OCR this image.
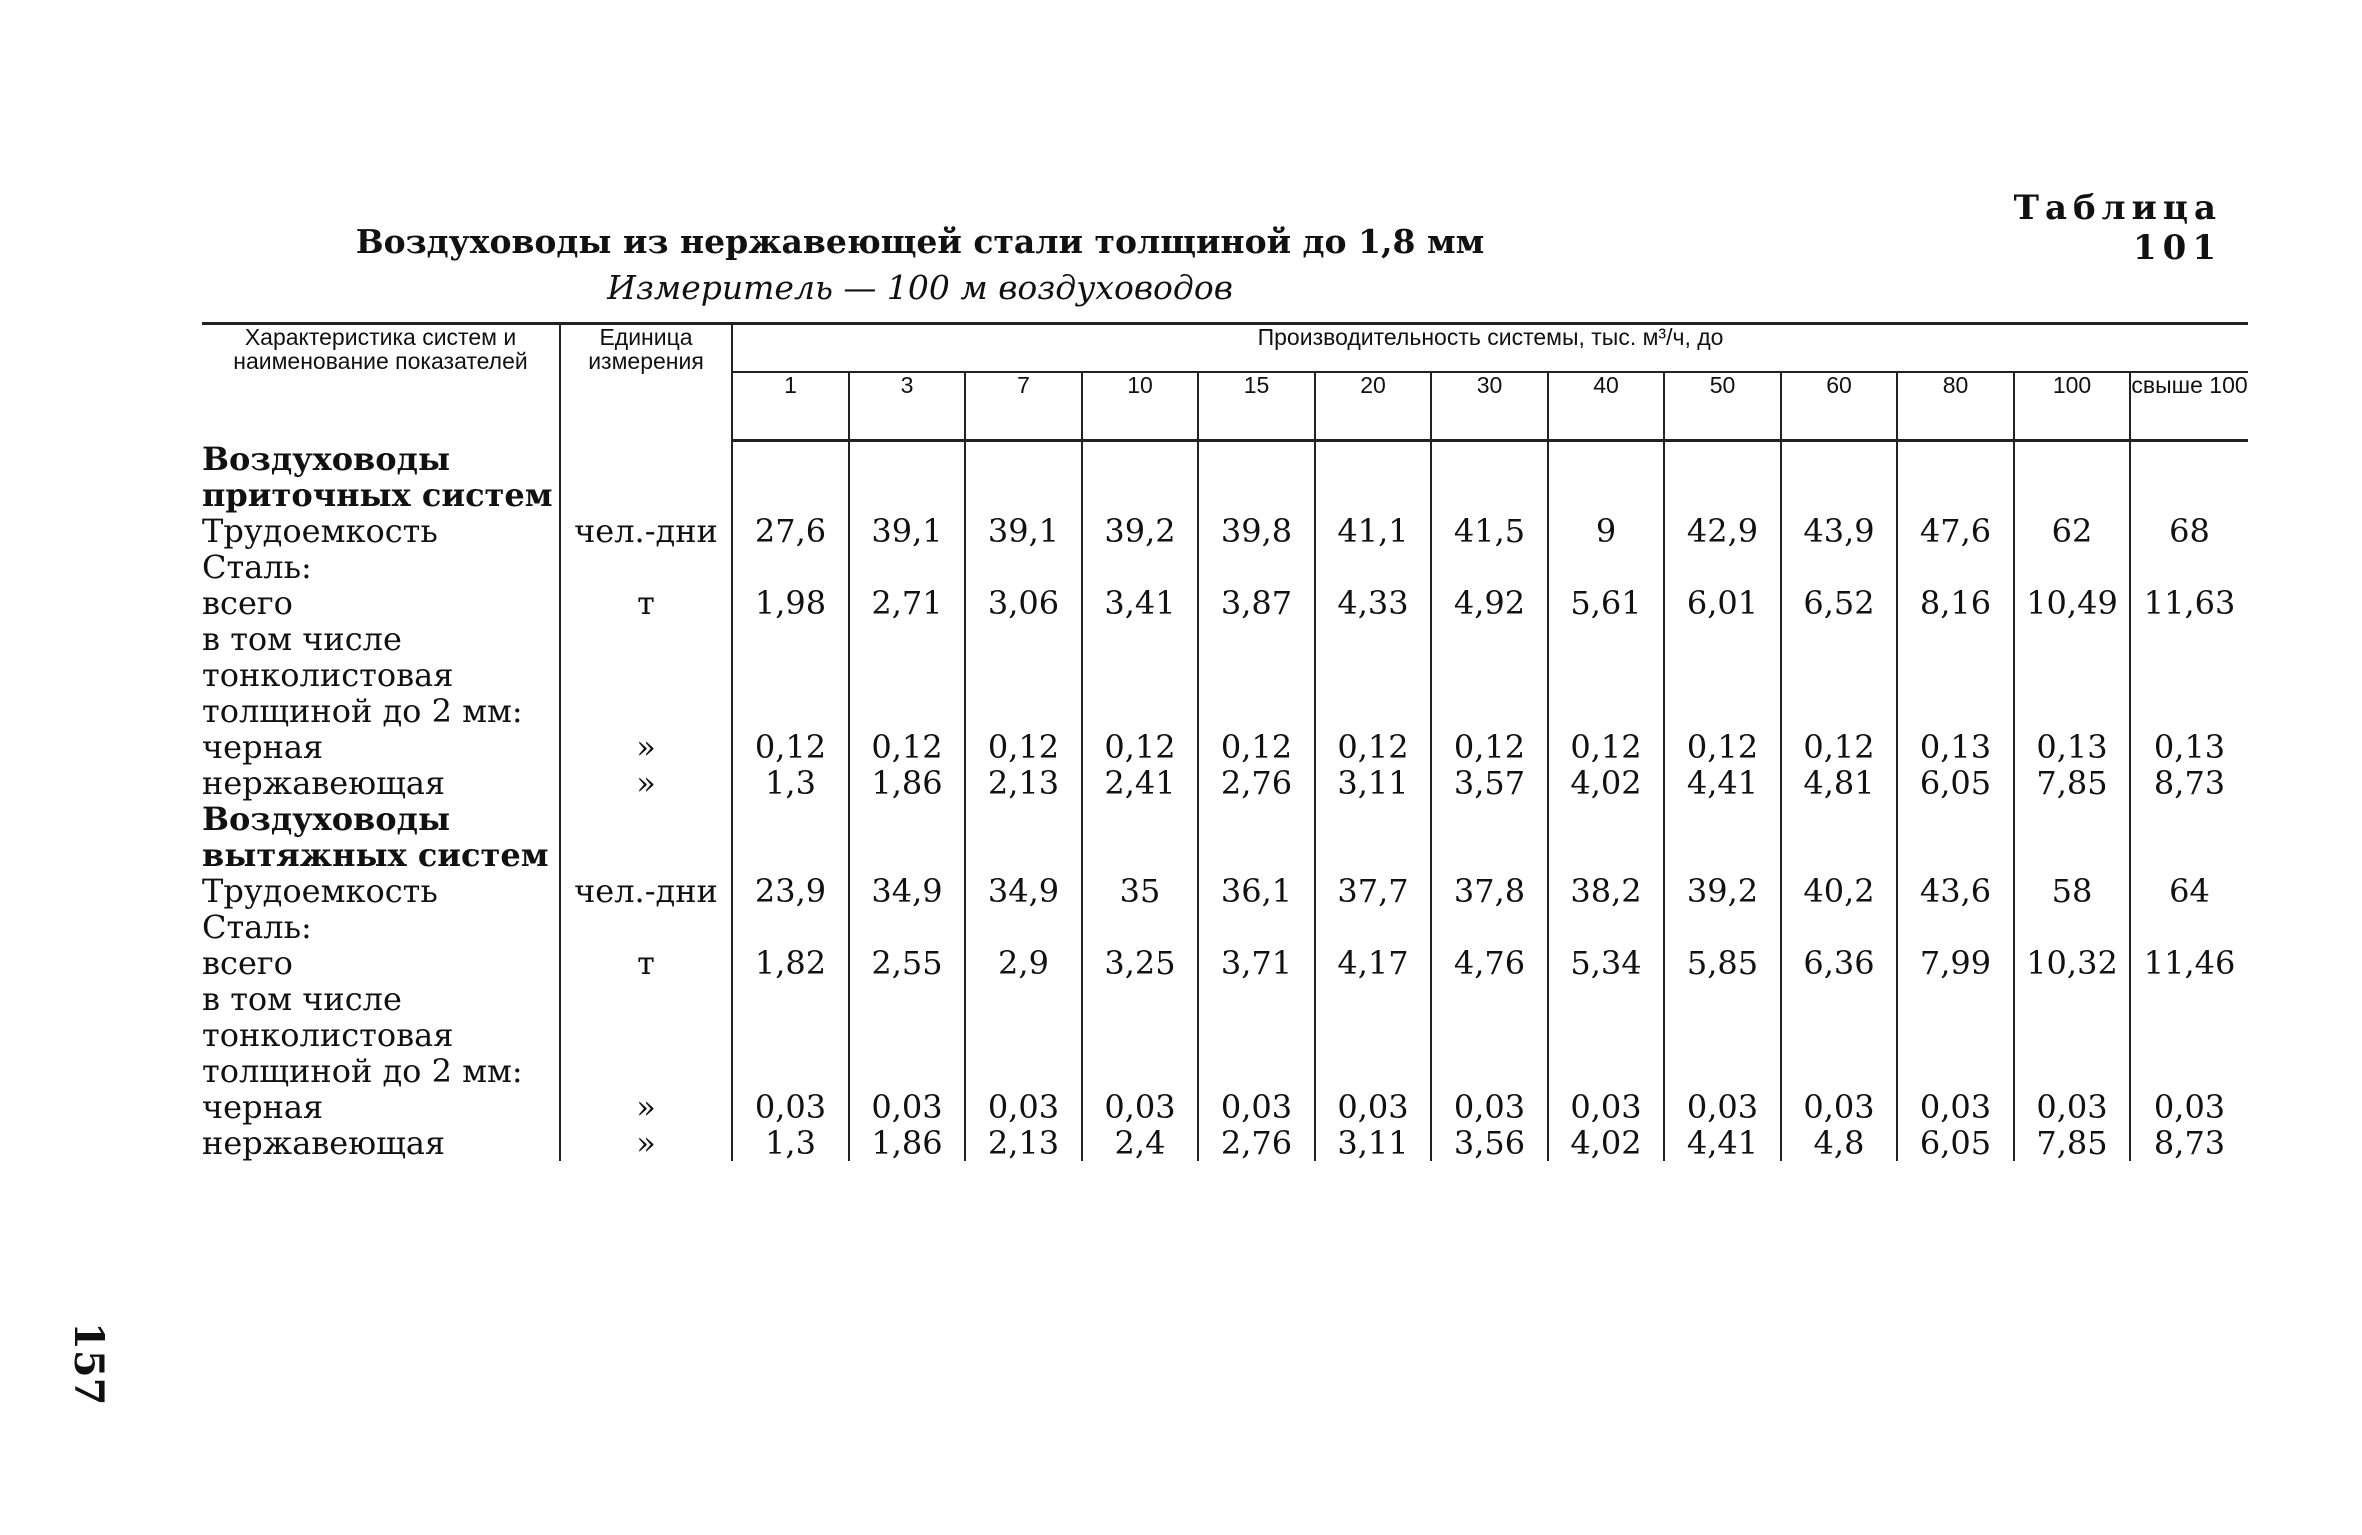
Таблица 101
Воздуховоды из нержавеющей стали толщиной до 1,8 мм
Измеритель — 100 м воздуховодов
157
Характеристика систем и наименование показателей	Единица измерения	Производительность системы, тыс. м³/ч, до												
		1	3	7	10	15	20	30	40	50	60	80	100	свыше 100
Воздуховоды приточных систем														
Трудоемкость	чел.-дни	27,6	39,1	39,1	39,2	39,8	41,1	41,5	9	42,9	43,9	47,6	62	68
Сталь:														
всего	т	1,98	2,71	3,06	3,41	3,87	4,33	4,92	5,61	6,01	6,52	8,16	10,49	11,63
в том числе тонколистовая толщиной до 2 мм:														
черная	»	0,12	0,12	0,12	0,12	0,12	0,12	0,12	0,12	0,12	0,12	0,13	0,13	0,13
нержавеющая	»	1,3	1,86	2,13	2,41	2,76	3,11	3,57	4,02	4,41	4,81	6,05	7,85	8,73
Воздуховоды вытяжных систем														
Трудоемкость	чел.-дни	23,9	34,9	34,9	35	36,1	37,7	37,8	38,2	39,2	40,2	43,6	58	64
Сталь:														
всего	т	1,82	2,55	2,9	3,25	3,71	4,17	4,76	5,34	5,85	6,36	7,99	10,32	11,46
в том числе тонколистовая толщиной до 2 мм:														
черная	»	0,03	0,03	0,03	0,03	0,03	0,03	0,03	0,03	0,03	0,03	0,03	0,03	0,03
нержавеющая	»	1,3	1,86	2,13	2,4	2,76	3,11	3,56	4,02	4,41	4,8	6,05	7,85	8,73
